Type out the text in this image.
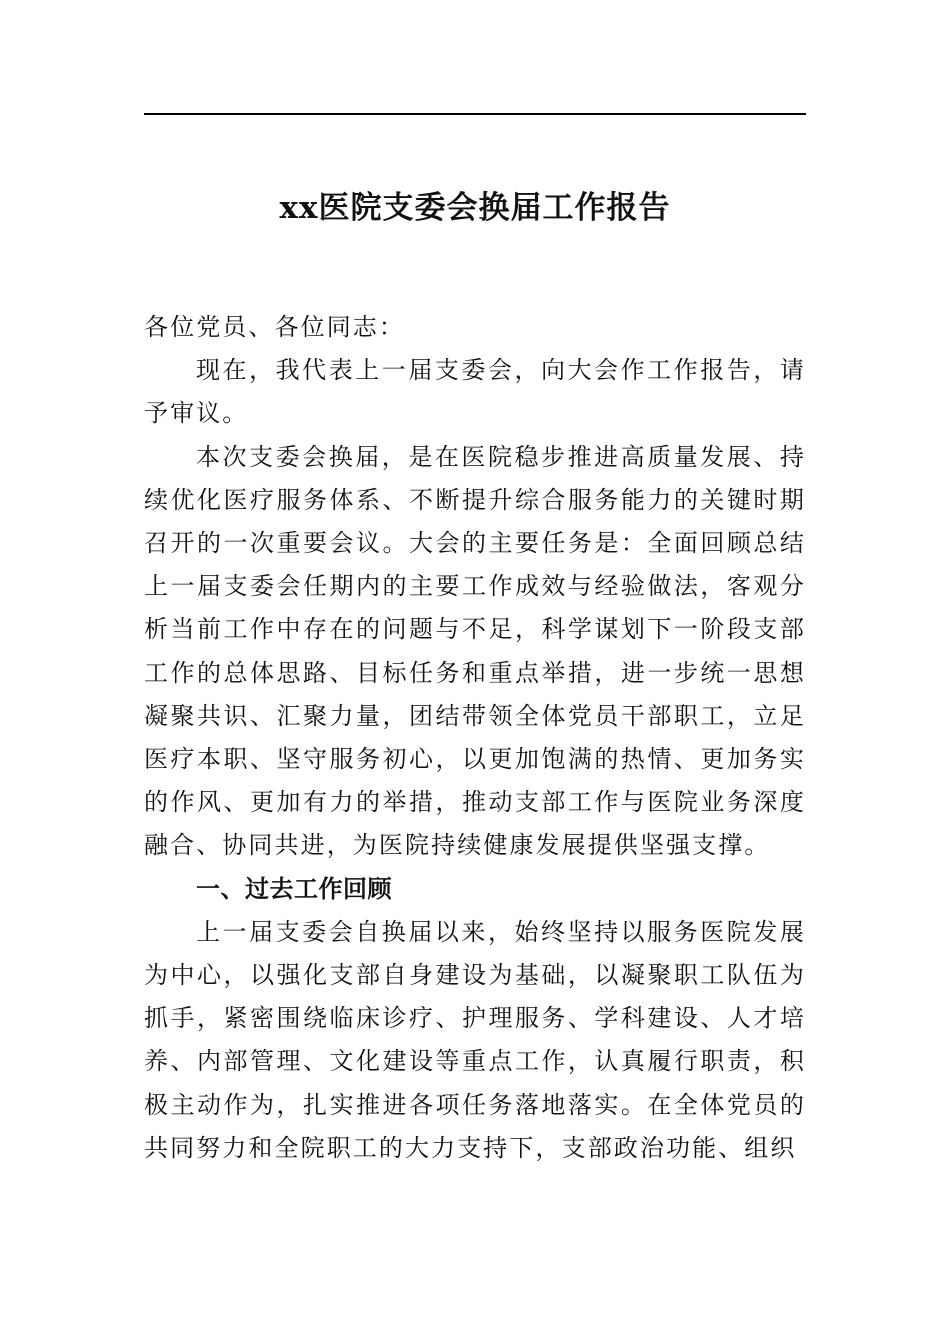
xx医院支委会换届工作报告

各位党员、各位同志：

现在，我代表上一届支委会，向大会作工作报告，请予审议。

本次支委会换届，是在医院稳步推进高质量发展、持续优化医疗服务体系、不断提升综合服务能力的关键时期召开的一次重要会议。大会的主要任务是：全面回顾总结上一届支委会任期内的主要工作成效与经验做法，客观分析当前工作中存在的问题与不足，科学谋划下一阶段支部工作的总体思路、目标任务和重点举措，进一步统一思想凝聚共识、汇聚力量，团结带领全体党员干部职工，立足医疗本职、坚守服务初心，以更加饱满的热情、更加务实的作风、更加有力的举措，推动支部工作与医院业务深度融合、协同共进，为医院持续健康发展提供坚强支撑。

一、过去工作回顾

上一届支委会自换届以来，始终坚持以服务医院发展为中心，以强化支部自身建设为基础，以凝聚职工队伍为抓手，紧密围绕临床诊疗、护理服务、学科建设、人才培养、内部管理、文化建设等重点工作，认真履行职责，积极主动作为，扎实推进各项任务落地落实。在全体党员的共同努力和全院职工的大力支持下，支部政治功能、组织
